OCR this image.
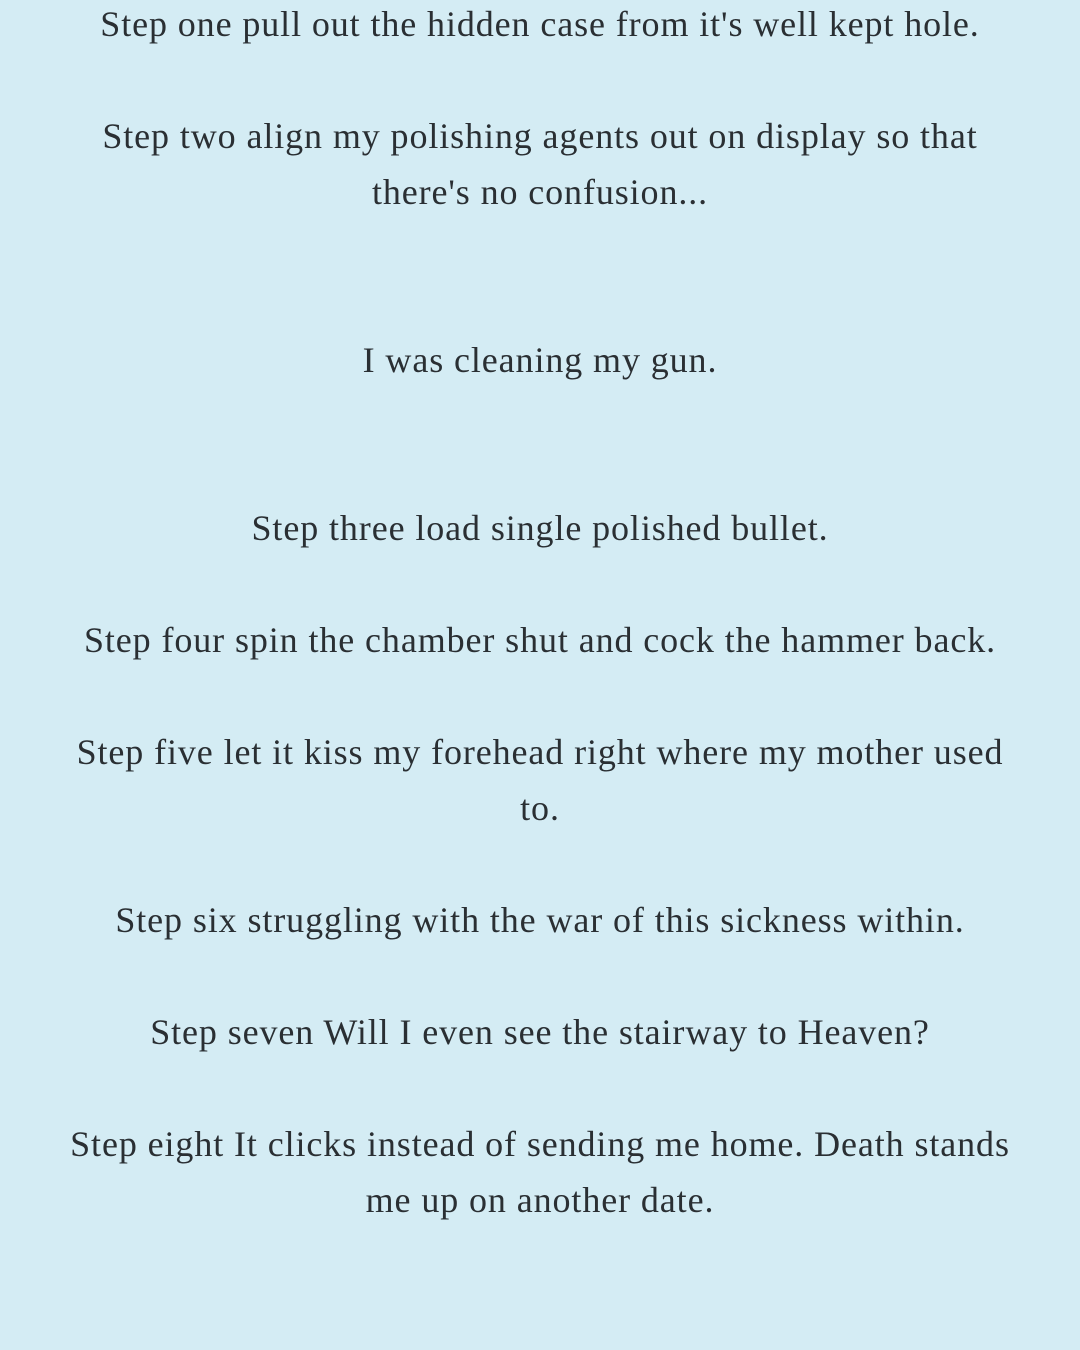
Step one pull out the hidden case from it's well kept hole.
Step two align my polishing agents out on display so that
there's no confusion...
I was cleaning my gun.
Step three load single polished bullet.
Step four spin the chamber shut and cock the hammer back.
Step five let it kiss my forehead right where my mother used
to.
Step six struggling with the war of this sickness within.
Step seven Will I even see the stairway to Heaven?
Step eight It clicks instead of sending me home. Death stands
me up on another date.
